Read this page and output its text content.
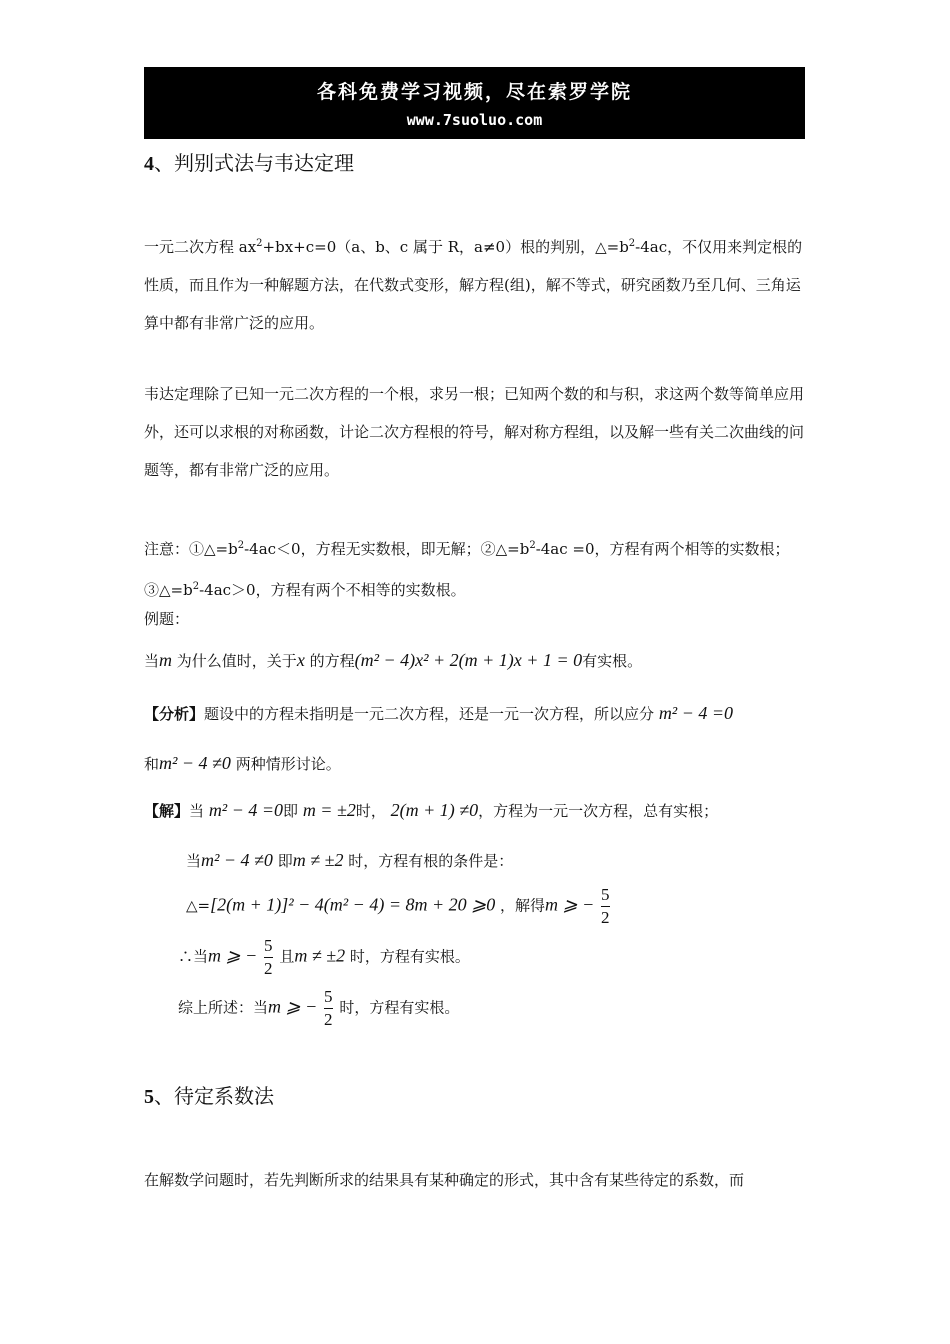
各科免费学习视频，尽在索罗学院
www.7suoluo.com
4、判别式法与韦达定理
一元二次方程 $ax^2+bx+c=0(a$、b、c 属于 R，a≠0）根的判别，$\triangle=b^2-4ac$，不仅用来判定根的性质，而且作为一种解题方法，在代数式变形，解方程(组)，解不等式，研究函数乃至几何、三角运算中都有非常广泛的应用。
韦达定理除了已知一元二次方程的一个根，求另一根；已知两个数的和与积，求这两个数等简单应用外，还可以求根的对称函数，计论二次方程根的符号，解对称方程组，以及解一些有关二次曲线的问题等，都有非常广泛的应用。
注意：$①\triangle=b^2-4ac<0$，方程无实数根，即无解；$②\triangle=b^2-4ac =0$，方程有两个相等的实数根；$③\triangle=b^2-4ac>0$，方程有两个不相等的实数根。
例题：
当m 为什么值时，关于x 的方程(m² − 4)x² + 2(m + 1)x + 1 = 0有实根。
【分析】题设中的方程未指明是一元二次方程，还是一元一次方程，所以应分 m² − 4 =0
和m² − 4 ≠0 两种情形讨论。
【解】当 m² − 4 =0即 m = ±2时， 2(m + 1) ≠0，方程为一元一次方程，总有实根；
当m² − 4 ≠0 即m ≠ ±2 时，方程有根的条件是：
△=[2(m + 1)]² − 4(m² − 4) = 8m + 20 ⩾0 ，解得m ⩾ − $\frac{5}{2}$
∴当m ⩾ − $\frac{5}{2}$ 且m ≠ ±2 时，方程有实根。
综上所述：当m ⩾ − $\frac{5}{2}$ 时，方程有实根。
5、待定系数法
在解数学问题时，若先判断所求的结果具有某种确定的形式，其中含有某些待定的系数，而
